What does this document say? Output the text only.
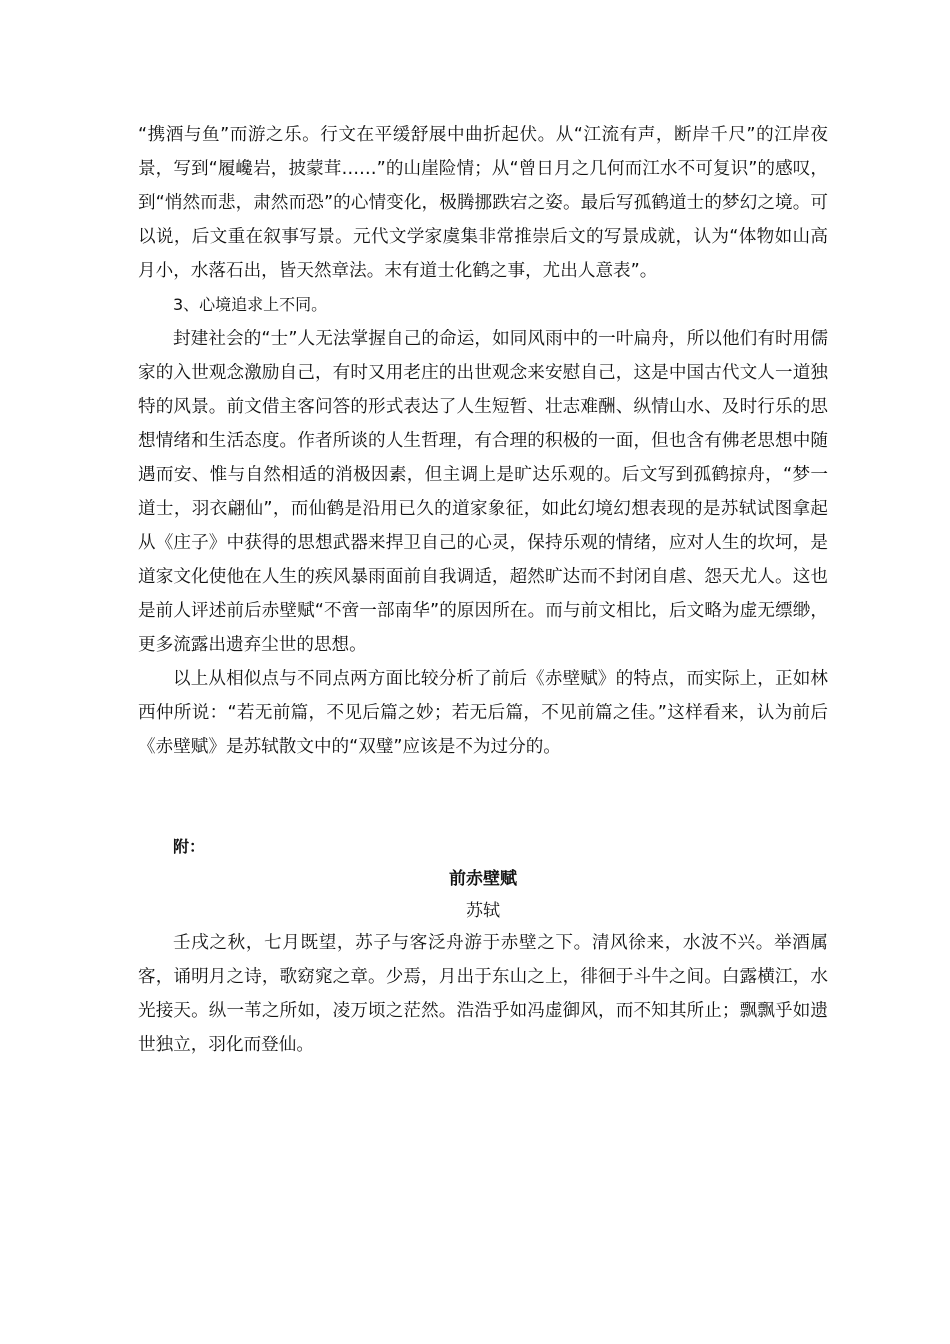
“携酒与鱼”而游之乐。行文在平缓舒展中曲折起伏。从“江流有声，断岸千尺”的江岸夜景，写到“履巉岩，披蒙茸……”的山崖险情；从“曾日月之几何而江水不可复识”的感叹，到“悄然而悲，肃然而恐”的心情变化，极腾挪跌宕之姿。最后写孤鹤道士的梦幻之境。可以说，后文重在叙事写景。元代文学家虞集非常推崇后文的写景成就，认为“体物如山高月小，水落石出，皆天然章法。末有道士化鹤之事，尤出人意表”。

3、心境追求上不同。

封建社会的“士”人无法掌握自己的命运，如同风雨中的一叶扁舟，所以他们有时用儒家的入世观念激励自己，有时又用老庄的出世观念来安慰自己，这是中国古代文人一道独特的风景。前文借主客问答的形式表达了人生短暂、壮志难酬、纵情山水、及时行乐的思想情绪和生活态度。作者所谈的人生哲理，有合理的积极的一面，但也含有佛老思想中随遇而安、惟与自然相适的消极因素，但主调上是旷达乐观的。后文写到孤鹤掠舟，“梦一道士，羽衣翩仙”，而仙鹤是沿用已久的道家象征，如此幻境幻想表现的是苏轼试图拿起从《庄子》中获得的思想武器来捍卫自己的心灵，保持乐观的情绪，应对人生的坎坷，是道家文化使他在人生的疾风暴雨面前自我调适，超然旷达而不封闭自虐、怨天尤人。这也是前人评述前后赤壁赋“不啻一部南华”的原因所在。而与前文相比，后文略为虚无缥缈，更多流露出遗弃尘世的思想。

以上从相似点与不同点两方面比较分析了前后《赤壁赋》的特点，而实际上，正如林西仲所说：“若无前篇，不见后篇之妙；若无后篇，不见前篇之佳。”这样看来，认为前后《赤壁赋》是苏轼散文中的“双璧”应该是不为过分的。

附：

前赤壁赋

苏轼

壬戌之秋，七月既望，苏子与客泛舟游于赤壁之下。清风徐来，水波不兴。举酒属客，诵明月之诗，歌窈窕之章。少焉，月出于东山之上，徘徊于斗牛之间。白露横江，水光接天。纵一苇之所如，凌万顷之茫然。浩浩乎如冯虚御风，而不知其所止；飘飘乎如遗世独立，羽化而登仙。
